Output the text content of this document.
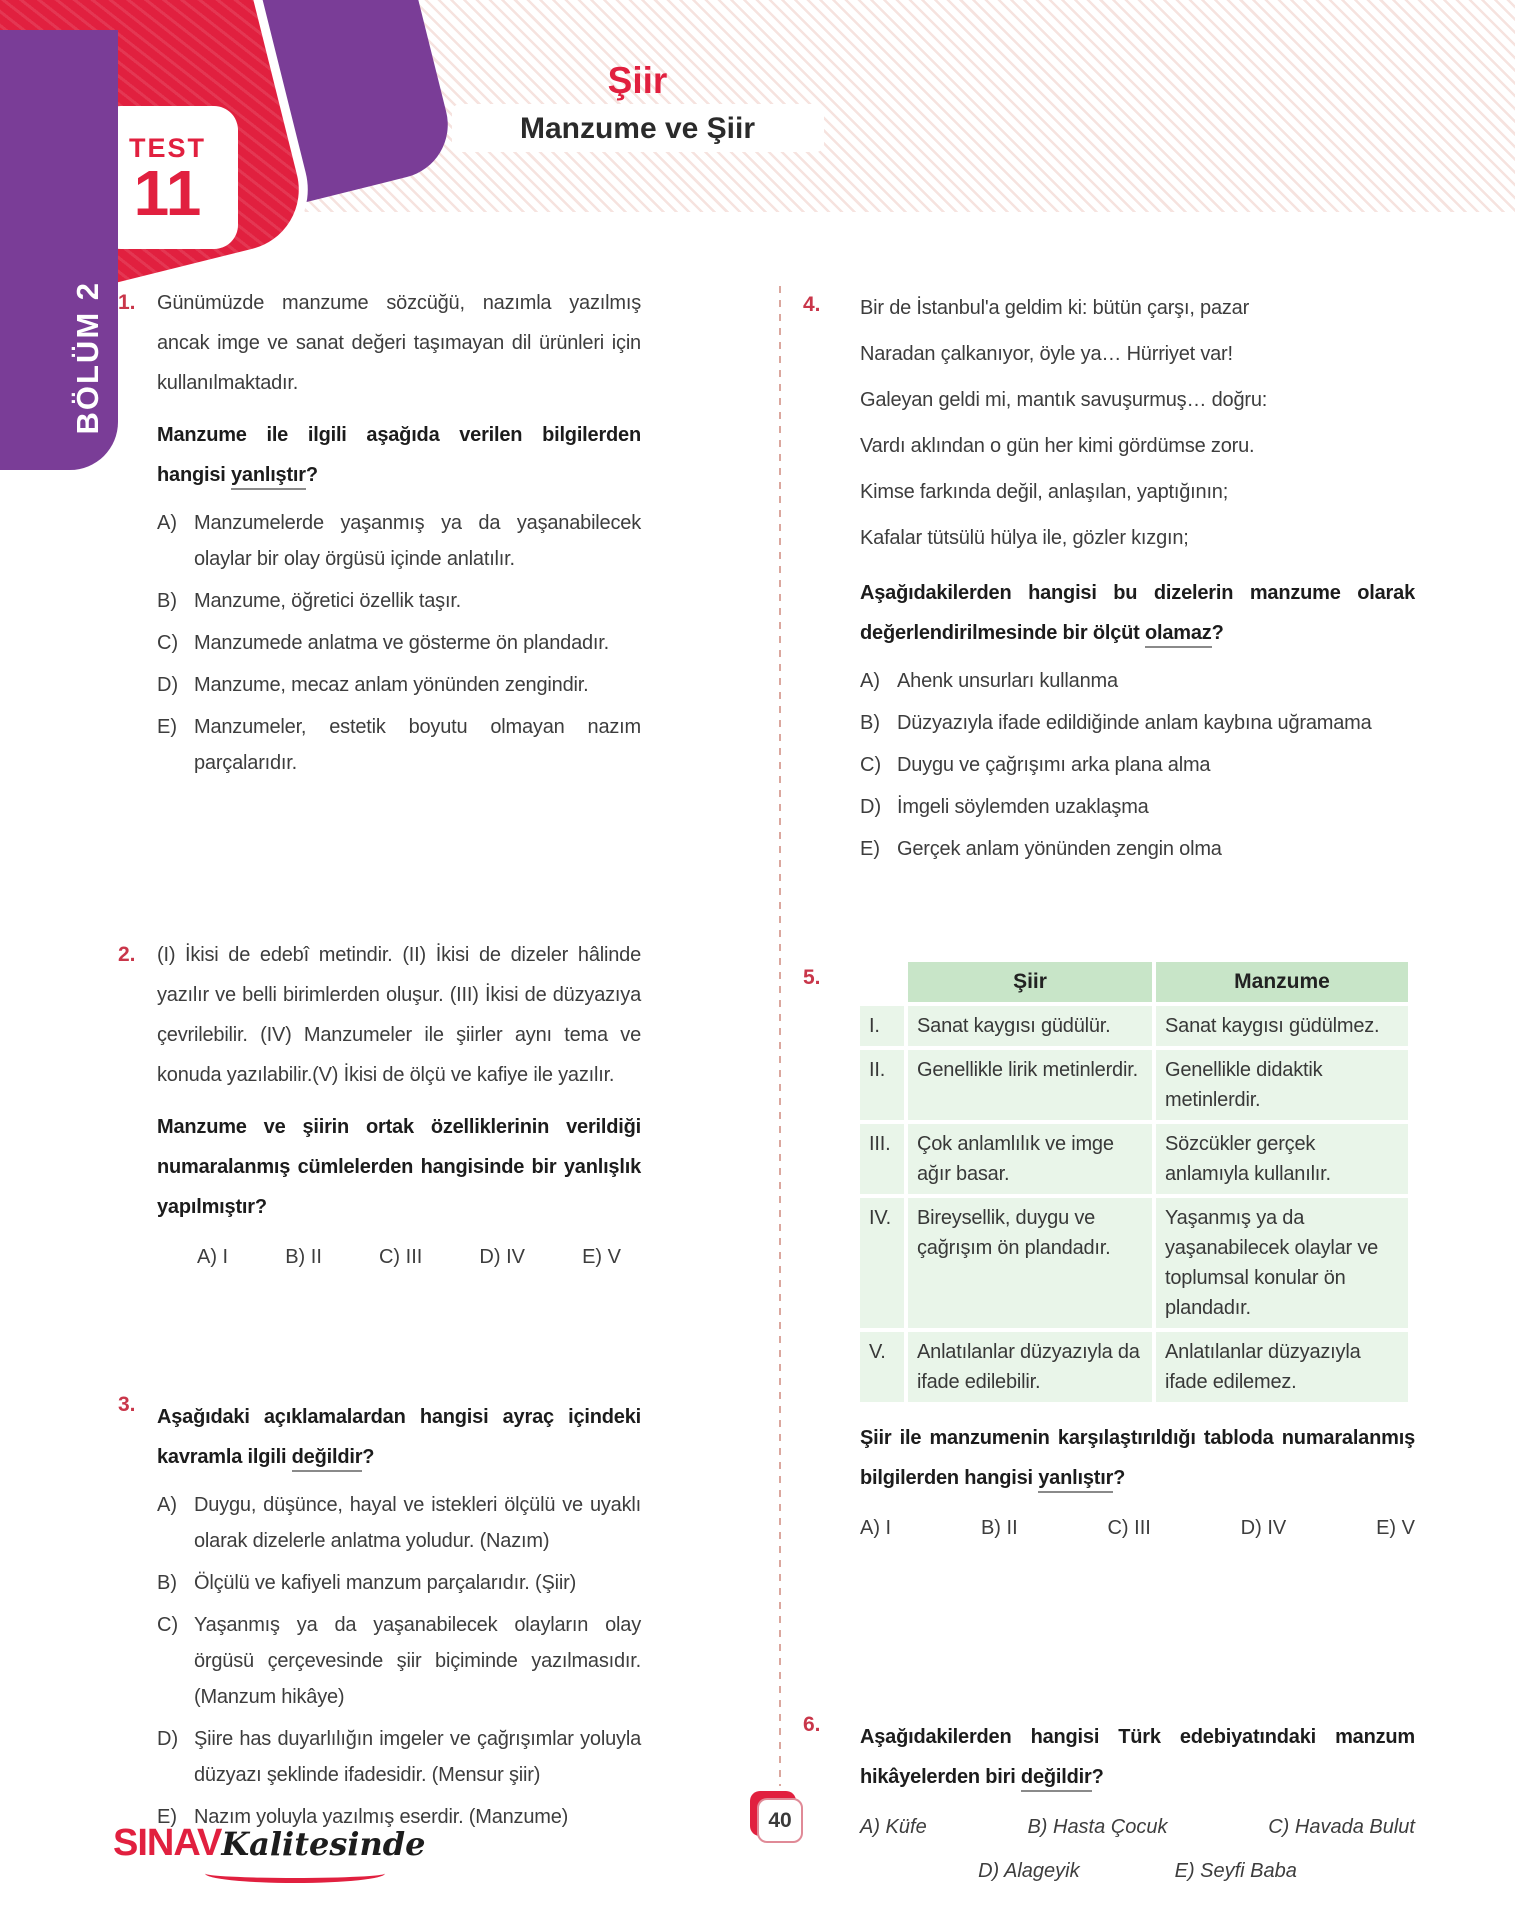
TEST
11
BÖLÜM 2
Şiir
Manzume ve Şiir
1. Günümüzde manzume sözcüğü, nazımla yazılmış ancak imge ve sanat değeri taşımayan dil ürünleri için kullanılmaktadır.
Manzume ile ilgili aşağıda verilen bilgilerden hangisi yanlıştır?
A) Manzumelerde yaşanmış ya da yaşanabilecek olaylar bir olay örgüsü içinde anlatılır.
B) Manzume, öğretici özellik taşır.
C) Manzumede anlatma ve gösterme ön plandadır.
D) Manzume, mecaz anlam yönünden zengindir.
E) Manzumeler, estetik boyutu olmayan nazım parçalarıdır.
2. (I) İkisi de edebî metindir. (II) İkisi de dizeler hâlinde yazılır ve belli birimlerden oluşur. (III) İkisi de düzyazıya çevrilebilir. (IV) Manzumeler ile şiirler aynı tema ve konuda yazılabilir.(V) İkisi de ölçü ve kafiye ile yazılır.
Manzume ve şiirin ortak özelliklerinin verildiği numaralanmış cümlelerden hangisinde bir yanlışlık yapılmıştır?
A) I	B) II	C) III	D) IV	E) V
3.
Aşağıdaki açıklamalardan hangisi ayraç içindeki kavramla ilgili değildir?
A) Duygu, düşünce, hayal ve istekleri ölçülü ve uyaklı olarak dizelerle anlatma yoludur. (Nazım)
B) Ölçülü ve kafiyeli manzum parçalarıdır. (Şiir)
C) Yaşanmış ya da yaşanabilecek olayların olay örgüsü çerçevesinde şiir biçiminde yazılmasıdır. (Manzum hikâye)
D) Şiire has duyarlılığın imgeler ve çağrışımlar yoluyla düzyazı şeklinde ifadesidir. (Mensur şiir)
E) Nazım yoluyla yazılmış eserdir. (Manzume)
4. Bir de İstanbul'a geldim ki: bütün çarşı, pazar
Naradan çalkanıyor, öyle ya… Hürriyet var!
Galeyan geldi mi, mantık savuşurmuş… doğru:
Vardı aklından o gün her kimi gördümse zoru.
Kimse farkında değil, anlaşılan, yaptığının;
Kafalar tütsülü hülya ile, gözler kızgın;
Aşağıdakilerden hangisi bu dizelerin manzume olarak değerlendirilmesinde bir ölçüt olamaz?
A) Ahenk unsurları kullanma
B) Düzyazıyla ifade edildiğinde anlam kaybına uğramama
C) Duygu ve çağrışımı arka plana alma
D) İmgeli söylemden uzaklaşma
E) Gerçek anlam yönünden zengin olma
5.
		Şiir	Manzume
I.	Sanat kaygısı güdülür.	Sanat kaygısı güdülmez.
II.	Genellikle lirik metinlerdir.	Genellikle didaktik metinlerdir.
III.	Çok anlamlılık ve imge ağır basar.	Sözcükler gerçek anlamıyla kullanılır.
IV.	Bireysellik, duygu ve çağrışım ön plandadır.	Yaşanmış ya da yaşanabilecek olaylar ve toplumsal konular ön plandadır.
V.	Anlatılanlar düzyazıyla da ifade edilebilir.	Anlatılanlar düzyazıyla ifade edilemez.
Şiir ile manzumenin karşılaştırıldığı tabloda numaralanmış bilgilerden hangisi yanlıştır?
A) I	B) II	C) III	D) IV	E) V
6.
Aşağıdakilerden hangisi Türk edebiyatındaki manzum hikâyelerden biri değildir?
A) Küfe	B) Hasta Çocuk	C) Havada Bulut
D) Alageyik	E) Seyfi Baba
SINAVKalitesinde
40
